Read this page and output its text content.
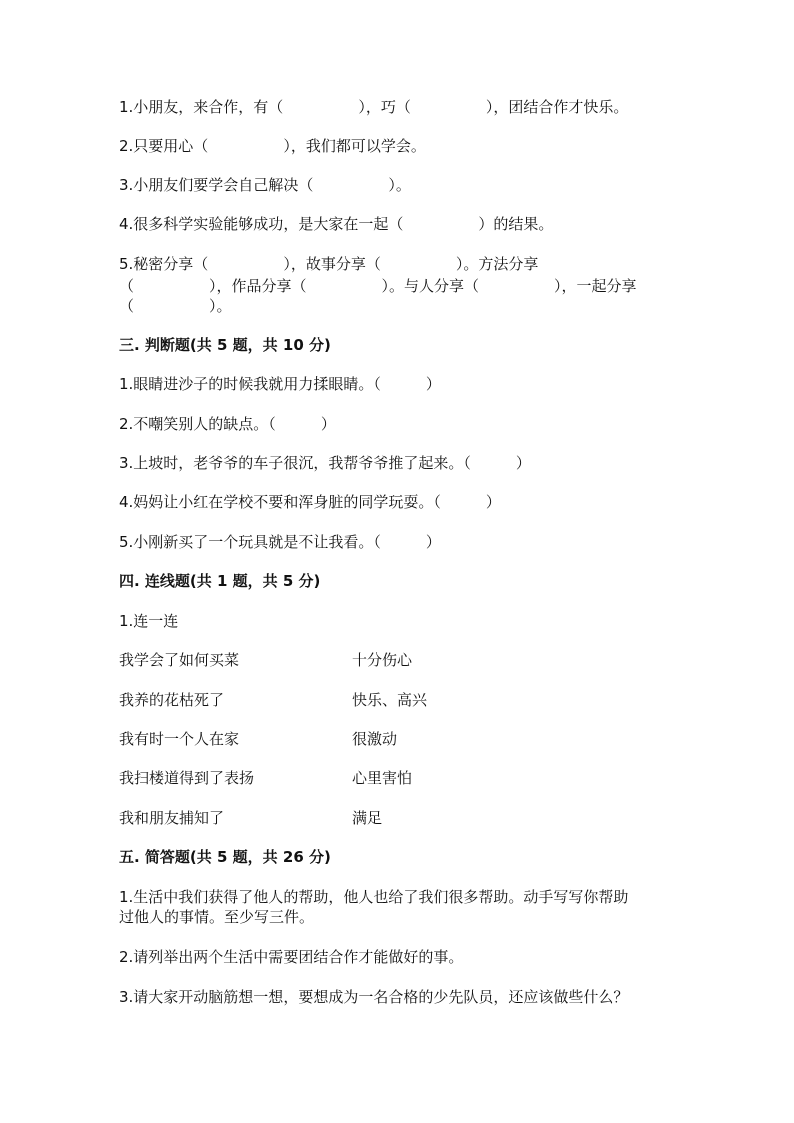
1.小朋友，来合作，有（　　　　　），巧（　　　　　），团结合作才快乐。
2.只要用心（　　　　　），我们都可以学会。
3.小朋友们要学会自己解决（　　　　　）。
4.很多科学实验能够成功，是大家在一起（　　　　　）的结果。
5.秘密分享（　　　　　），故事分享（　　　　　）。方法分享
（　　　　　），作品分享（　　　　　）。与人分享（　　　　　），一起分享
（　　　　　）。
三. 判断题(共 5 题，共 10 分)
1.眼睛进沙子的时候我就用力揉眼睛。（　　　）
2.不嘲笑别人的缺点。（　　　）
3.上坡时，老爷爷的车子很沉，我帮爷爷推了起来。（　　　）
4.妈妈让小红在学校不要和浑身脏的同学玩耍。（　　　）
5.小刚新买了一个玩具就是不让我看。（　　　）
四. 连线题(共 1 题，共 5 分)
1.连一连
我学会了如何买菜	十分伤心
我养的花枯死了	快乐、高兴
我有时一个人在家	很激动
我扫楼道得到了表扬	心里害怕
我和朋友捕知了	满足
五. 简答题(共 5 题，共 26 分)
1.生活中我们获得了他人的帮助，他人也给了我们很多帮助。动手写写你帮助
过他人的事情。至少写三件。
2.请列举出两个生活中需要团结合作才能做好的事。
3.请大家开动脑筋想一想，要想成为一名合格的少先队员，还应该做些什么？
